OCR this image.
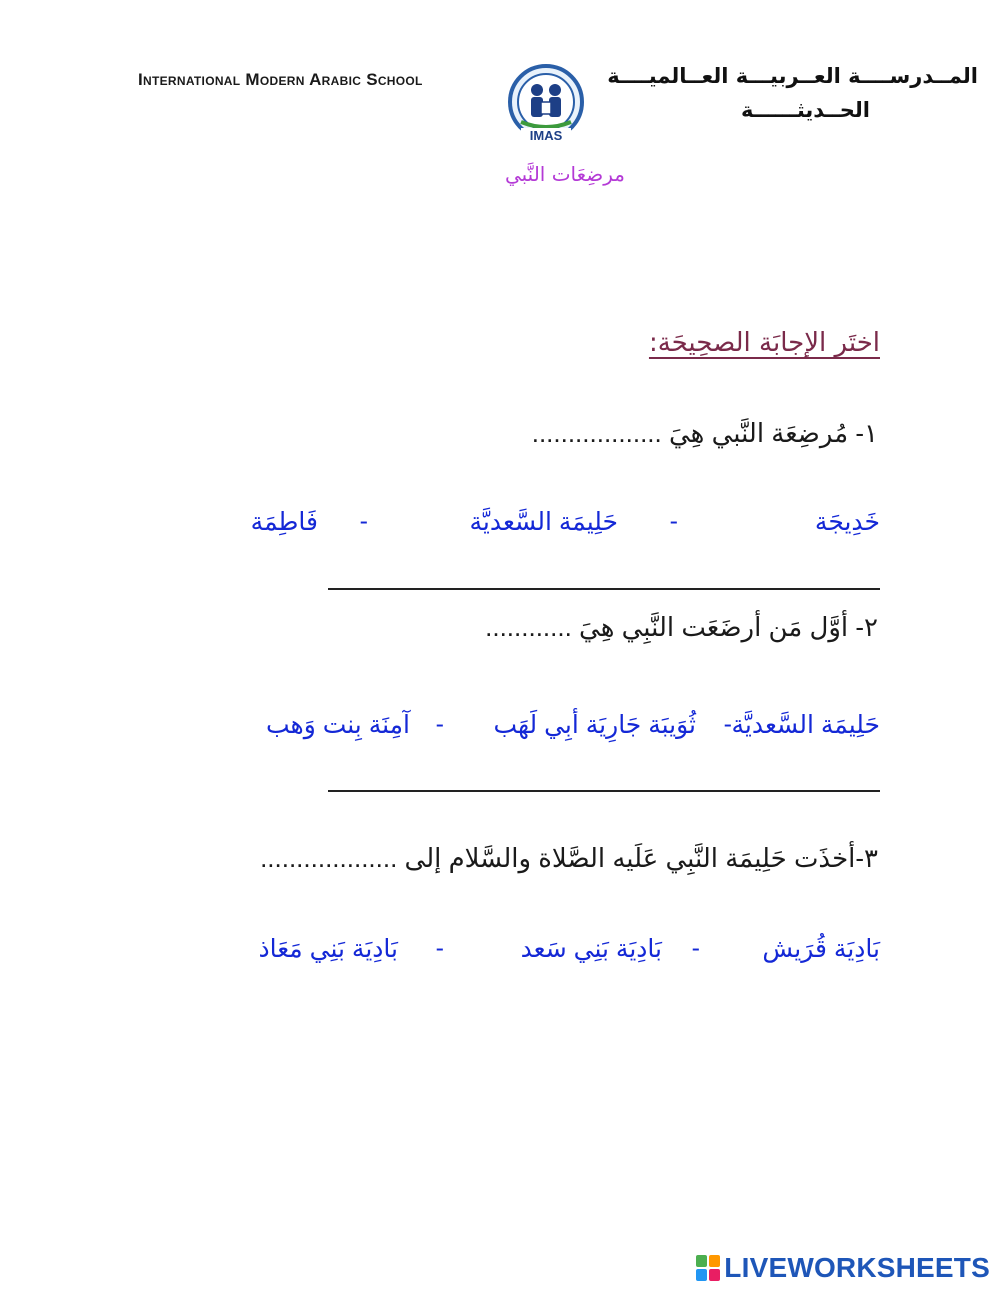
International Modern Arabic School
IMAS
المــدرســــة العــربيـــة العــالميــــة
الحــديثــــــة
مرضِعَات النَّبي
اختَر الإجابَة الصحِيحَة:
١- مُرضِعَة النَّبي هِيَ ..................
خَدِيجَة
-
حَلِيمَة السَّعديَّة
-
فَاطِمَة
٢- أوَّل مَن أرضَعَت النَّبِي هِيَ ............
حَلِيمَة السَّعديَّة
-
ثُوَيبَة جَارِيَة أبِي لَهَب
-
آمِنَة بِنت وَهب
٣-أخذَت حَلِيمَة النَّبِي عَلَيه الصَّلاة والسَّلام إلى ...................
بَادِيَة قُرَيش
-
بَادِيَة بَنِي سَعد
-
بَادِيَة بَنِي مَعَاذ
LIVEWORKSHEETS
